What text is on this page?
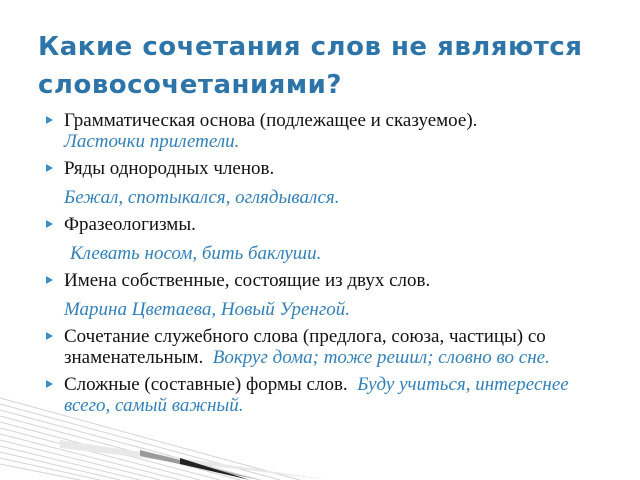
Какие сочетания слов не являются словосочетаниями?
Грамматическая основа (подлежащее и сказуемое).
Ласточки прилетели.
Ряды однородных членов.
Бежал, спотыкался, оглядывался.
Фразеологизмы.
Клевать носом, бить баклуши.
Имена собственные, состоящие из двух слов.
Марина Цветаева, Новый Уренгой.
Сочетание служебного слова (предлога, союза, частицы) со знаменательным.  Вокруг дома; тоже решил; словно во сне.
Сложные (составные) формы слов.  Буду учиться, интереснее всего, самый важный.
